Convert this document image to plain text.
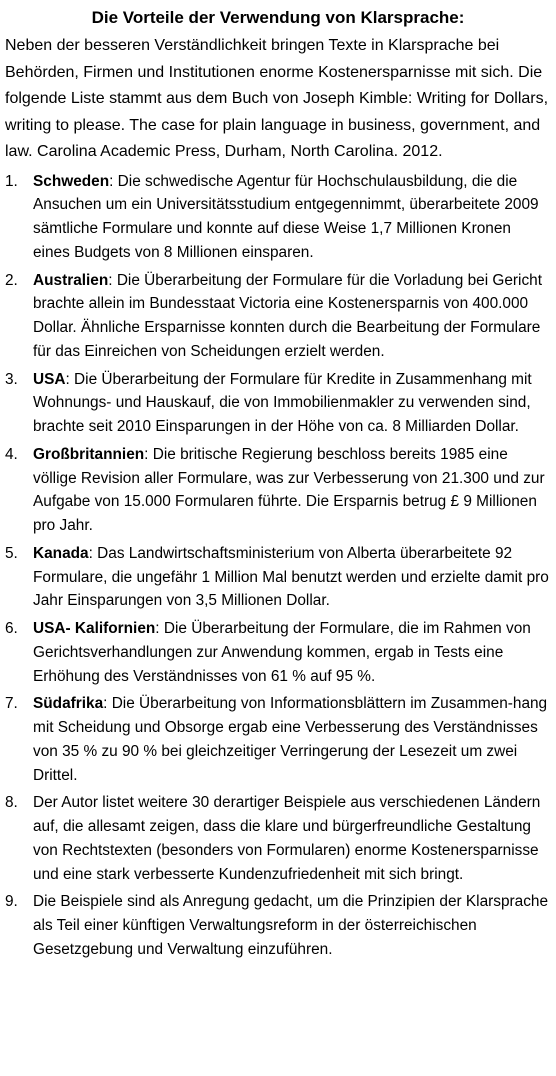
Die Vorteile der Verwendung von Klarsprache:

Neben der besseren Verständlichkeit bringen Texte in Klarsprache bei Behörden, Firmen und Institutionen enorme Kostenersparnisse mit sich. Die folgende Liste stammt aus dem Buch von Joseph Kimble: Writing for Dollars, writing to please. The case for plain language in business, government, and law. Carolina Academic Press, Durham, North Carolina. 2012.

1. Schweden: Die schwedische Agentur für Hochschulausbildung, die die Ansuchen um ein Universitätsstudium entgegennimmt, überarbeitete 2009 sämtliche Formulare und konnte auf diese Weise 1,7 Millionen Kronen eines Budgets von 8 Millionen einsparen.
2. Australien: Die Überarbeitung der Formulare für die Vorladung bei Gericht brachte allein im Bundesstaat Victoria eine Kostenersparnis von 400.000 Dollar. Ähnliche Ersparnisse konnten durch die Bearbeitung der Formulare für das Einreichen von Scheidungen erzielt werden.
3. USA: Die Überarbeitung der Formulare für Kredite in Zusammenhang mit Wohnungs- und Hauskauf, die von Immobilienmakler zu verwenden sind, brachte seit 2010 Einsparungen in der Höhe von ca. 8 Milliarden Dollar.
4. Großbritannien: Die britische Regierung beschloss bereits 1985 eine völlige Revision aller Formulare, was zur Verbesserung von 21.300 und zur Aufgabe von 15.000 Formularen führte. Die Ersparnis betrug £ 9 Millionen pro Jahr.
5. Kanada: Das Landwirtschaftsministerium von Alberta überarbeitete 92 Formulare, die ungefähr 1 Million Mal benutzt werden und erzielte damit pro Jahr Einsparungen von 3,5 Millionen Dollar.
6. USA- Kalifornien: Die Überarbeitung der Formulare, die im Rahmen von Gerichtsverhandlungen zur Anwendung kommen, ergab in Tests eine Erhöhung des Verständnisses von 61 % auf 95 %.
7. Südafrika: Die Überarbeitung von Informationsblättern im Zusammen-hang mit Scheidung und Obsorge ergab eine Verbesserung des Verständnisses von 35 % zu 90 % bei gleichzeitiger Verringerung der Lesezeit um zwei Drittel.
8. Der Autor listet weitere 30 derartiger Beispiele aus verschiedenen Ländern auf, die allesamt zeigen, dass die klare und bürgerfreundliche Gestaltung von Rechtstexten (besonders von Formularen) enorme Kostenersparnisse und eine stark verbesserte Kundenzufriedenheit mit sich bringt.
9. Die Beispiele sind als Anregung gedacht, um die Prinzipien der Klarsprache als Teil einer künftigen Verwaltungsreform in der österreichischen Gesetzgebung und Verwaltung einzuführen.
